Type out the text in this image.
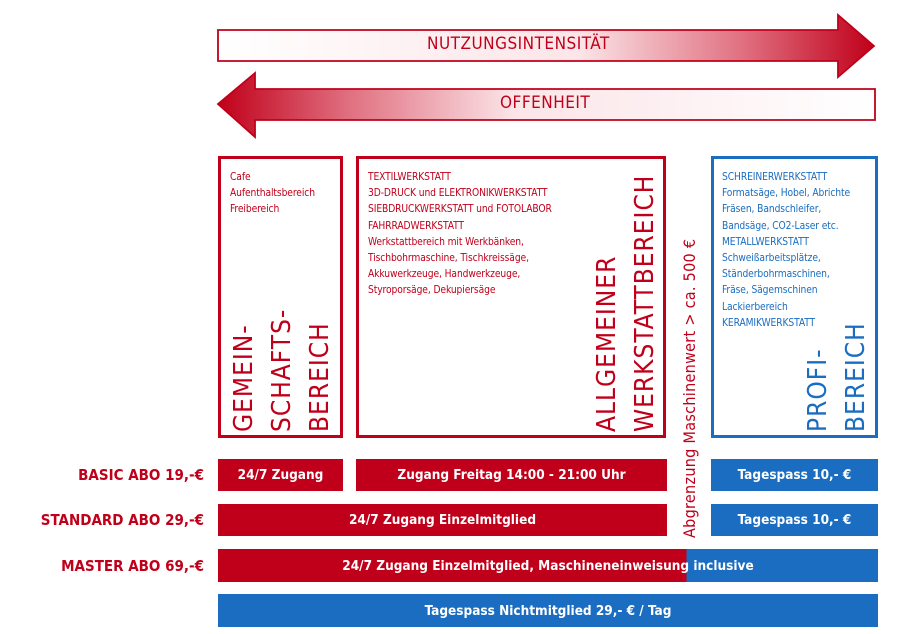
NUTZUNGSINTENSITÄT
OFFENHEIT
Cafe
Aufenthaltsbereich
Freibereich
GEMEIN- SCHAFTS- BEREICH
TEXTILWERKSTATT
3D-DRUCK und ELEKTRONIKWERKSTATT
SIEBDRUCKWERKSTATT und FOTOLABOR
FAHRRADWERKSTATT
Werkstattbereich mit Werkbänken,
Tischbohrmaschine, Tischkreissäge,
Akkuwerkzeuge, Handwerkzeuge,
Styroporsäge, Dekupiersäge	ALLGEMEINER WERKSTATTBEREICH Abgrenzung Maschinenwert > ca. 500 €
SCHREINERWERKSTATT
Formatsäge, Hobel, Abrichte
Fräsen, Bandschleifer,
Bandsäge, CO2-Laser etc.
METALLWERKSTATT
Schweißarbeitsplätze,
Ständerbohrmaschinen,
Fräse, Sägemschinen
Lackierbereich
KERAMIKWERKSTATT
PROFI- BEREICH
BASIC ABO 19,-€	24/7 Zugang	Zugang Freitag 14:00 - 21:00 Uhr	Tagespass 10,- €
STANDARD ABO 29,-€	24/7 Zugang Einzelmitglied	Tagespass 10,- €
MASTER ABO 69,-€	24/7 Zugang Einzelmitglied, Maschineneinweisung inclusive
Tagespass Nichtmitglied 29,- € / Tag
